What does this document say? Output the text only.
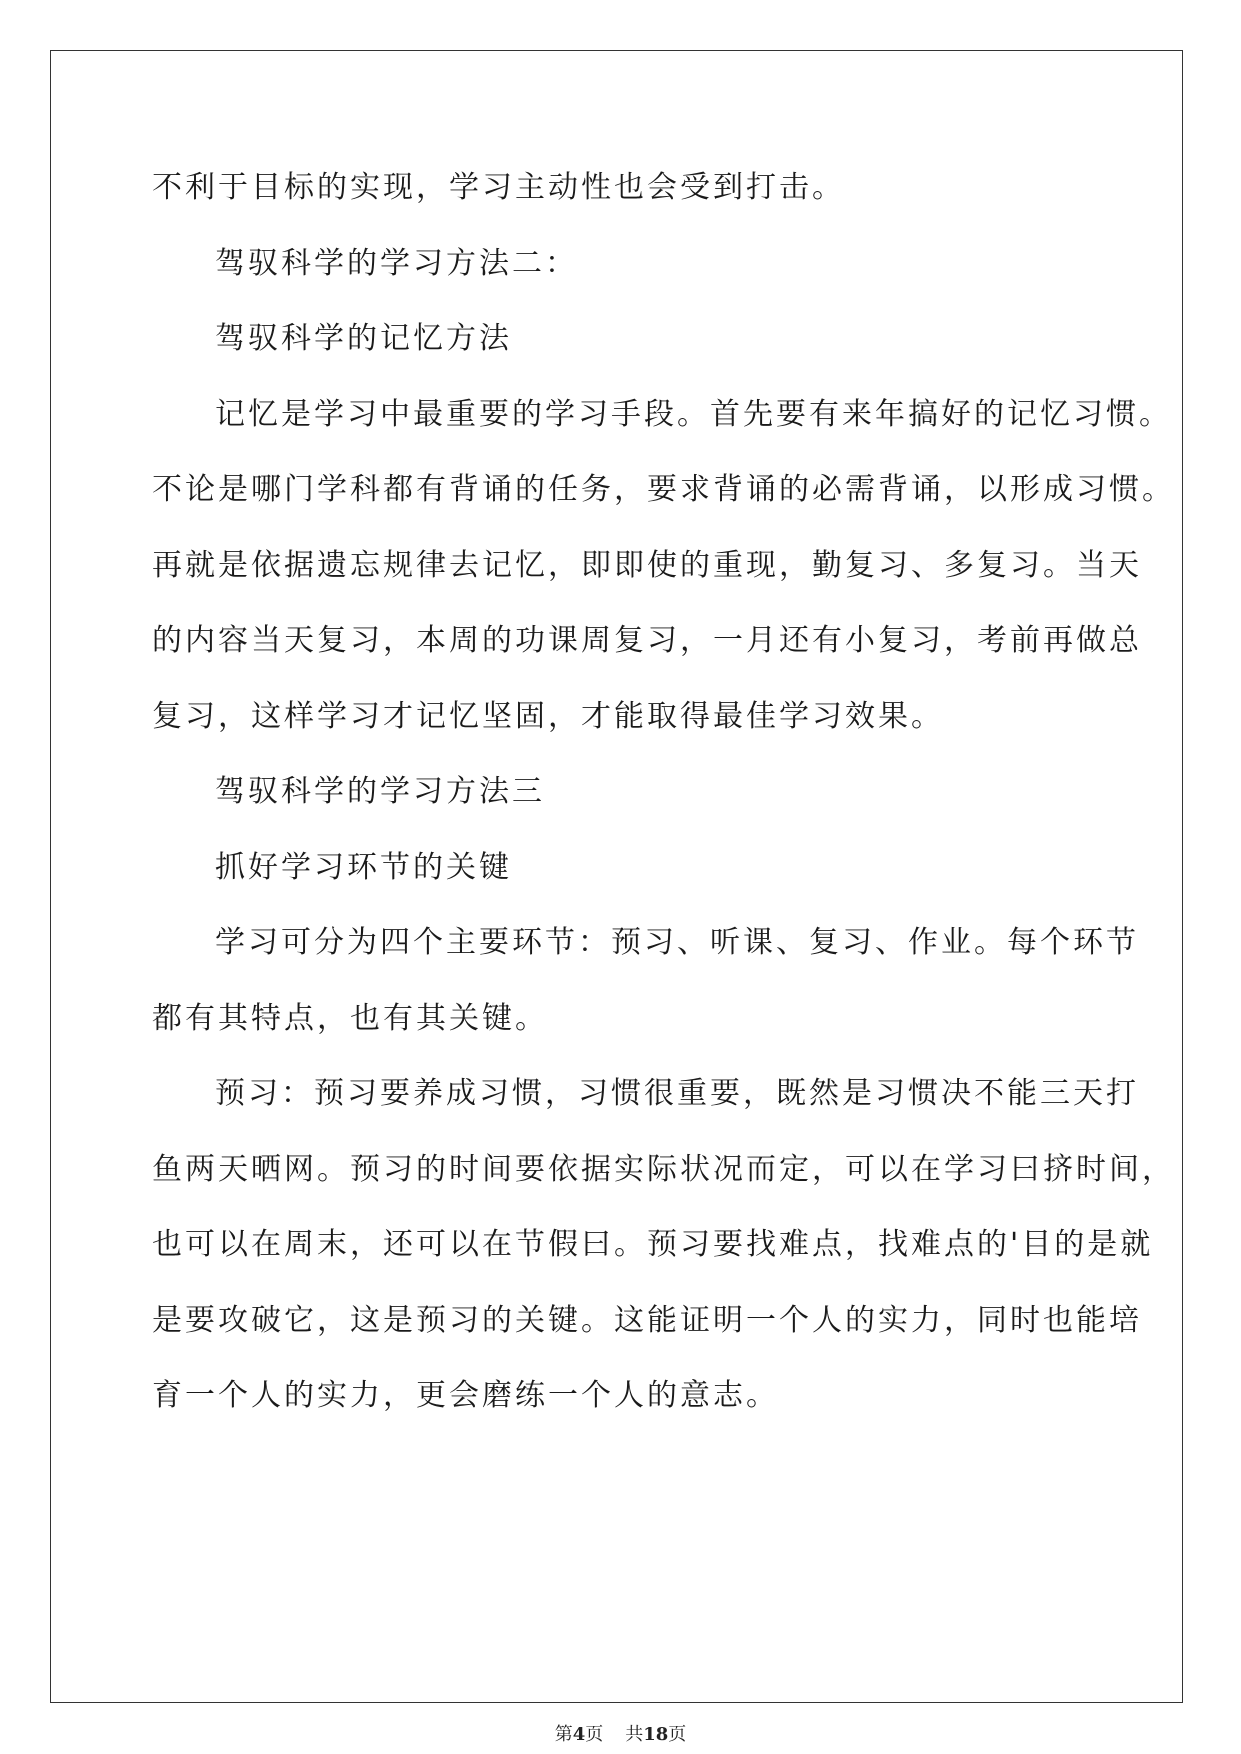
不利于目标的实现，学习主动性也会受到打击。
驾驭科学的学习方法二：
驾驭科学的记忆方法
记忆是学习中最重要的学习手段。首先要有来年搞好的记忆习惯。
不论是哪门学科都有背诵的任务，要求背诵的必需背诵，以形成习惯。
再就是依据遗忘规律去记忆，即即使的重现，勤复习、多复习。当天
的内容当天复习，本周的功课周复习，一月还有小复习，考前再做总
复习，这样学习才记忆坚固，才能取得最佳学习效果。
驾驭科学的学习方法三
抓好学习环节的关键
学习可分为四个主要环节：预习、听课、复习、作业。每个环节
都有其特点，也有其关键。
预习：预习要养成习惯，习惯很重要，既然是习惯决不能三天打
鱼两天晒网。预习的时间要依据实际状况而定，可以在学习曰挤时间，
也可以在周末，还可以在节假曰。预习要找难点，找难点的'目的是就
是要攻破它，这是预习的关键。这能证明一个人的实力，同时也能培
育一个人的实力，更会磨练一个人的意志。
第4页 共18页
